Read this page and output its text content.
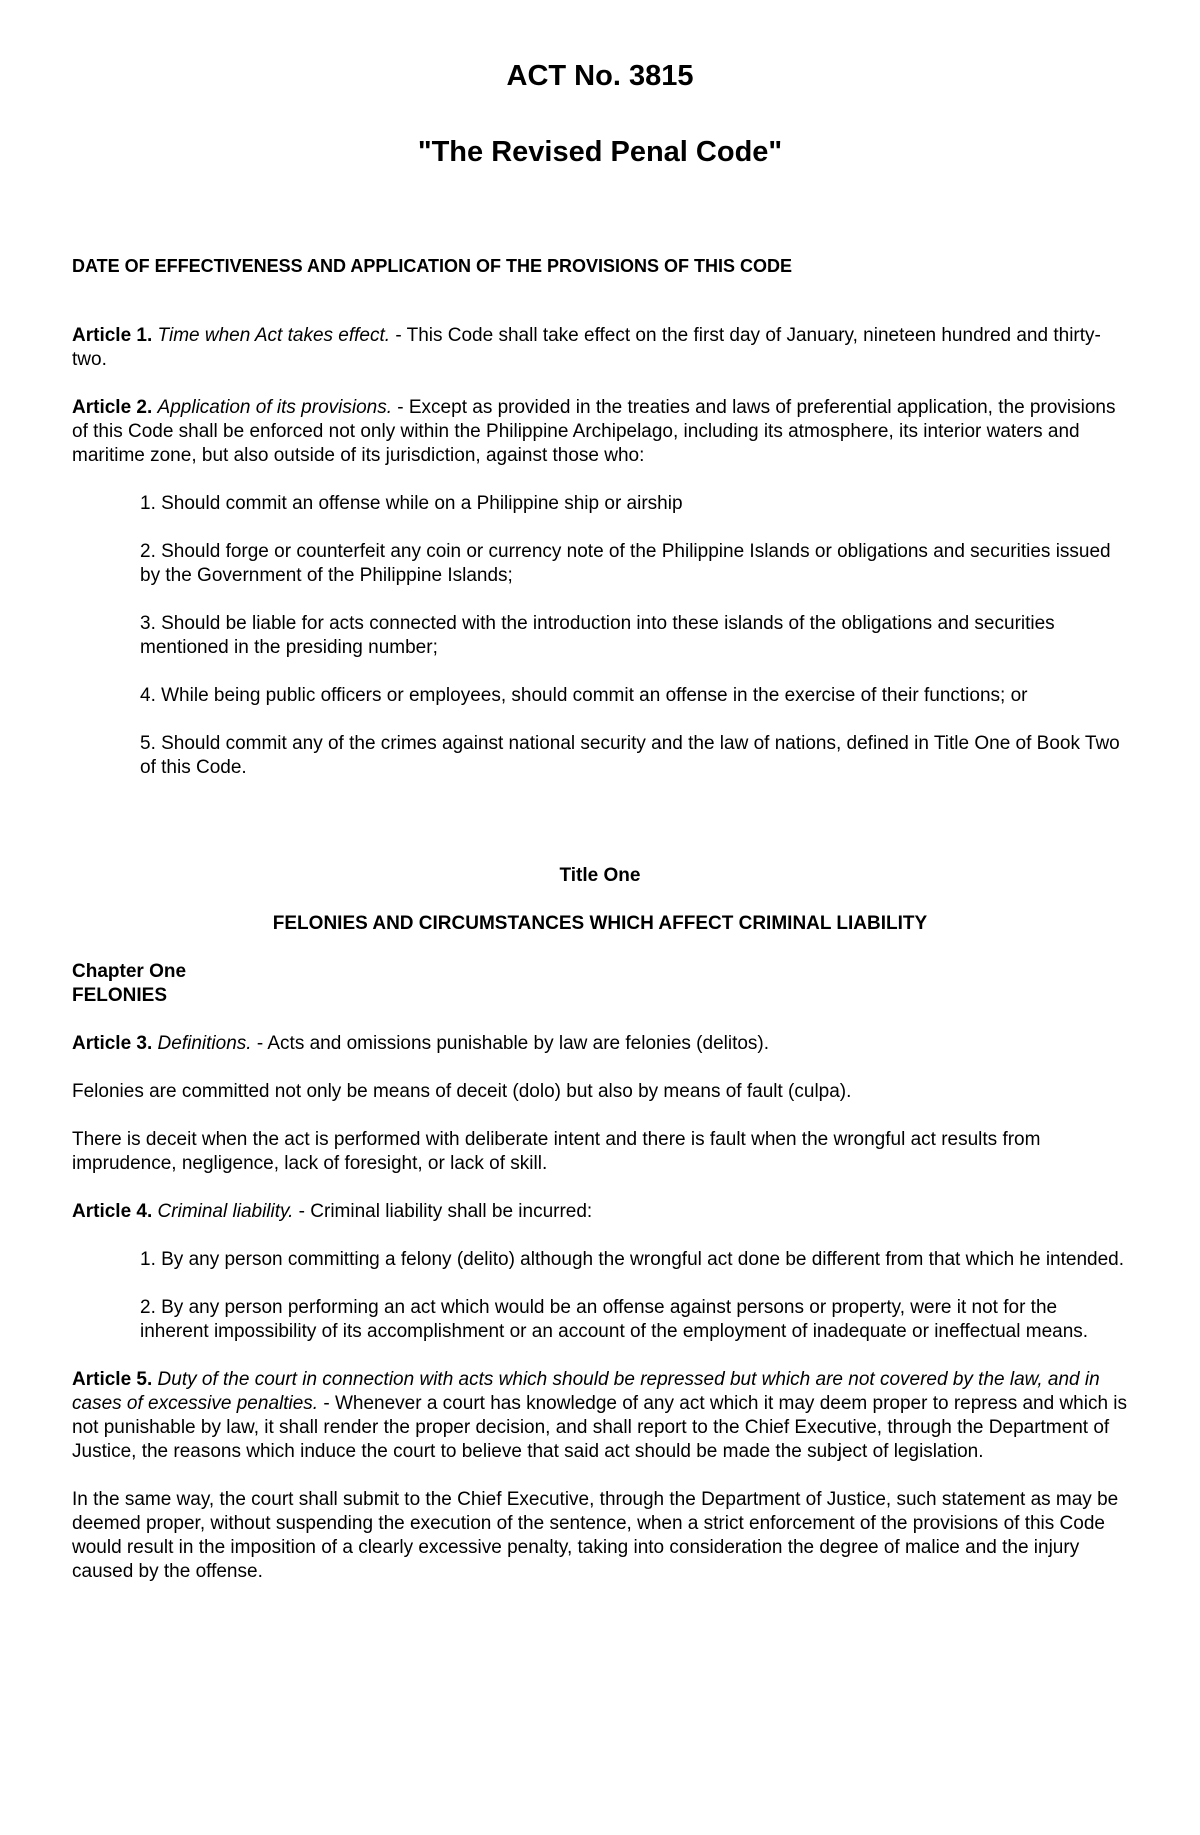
ACT No. 3815
"The Revised Penal Code"
DATE OF EFFECTIVENESS AND APPLICATION OF THE PROVISIONS OF THIS CODE

Article 1. Time when Act takes effect. - This Code shall take effect on the first day of January, nineteen hundred and thirty-two.

Article 2. Application of its provisions. - Except as provided in the treaties and laws of preferential application, the provisions of this Code shall be enforced not only within the Philippine Archipelago, including its atmosphere, its interior waters and maritime zone, but also outside of its jurisdiction, against those who:

1. Should commit an offense while on a Philippine ship or airship
2. Should forge or counterfeit any coin or currency note of the Philippine Islands or obligations and securities issued by the Government of the Philippine Islands;
3. Should be liable for acts connected with the introduction into these islands of the obligations and securities mentioned in the presiding number;
4. While being public officers or employees, should commit an offense in the exercise of their functions; or
5. Should commit any of the crimes against national security and the law of nations, defined in Title One of Book Two of this Code.
Title One
FELONIES AND CIRCUMSTANCES WHICH AFFECT CRIMINAL LIABILITY
Chapter One
FELONIES

Article 3. Definitions. - Acts and omissions punishable by law are felonies (delitos).

Felonies are committed not only be means of deceit (dolo) but also by means of fault (culpa).

There is deceit when the act is performed with deliberate intent and there is fault when the wrongful act results from imprudence, negligence, lack of foresight, or lack of skill.

Article 4. Criminal liability. - Criminal liability shall be incurred:

1. By any person committing a felony (delito) although the wrongful act done be different from that which he intended.
2. By any person performing an act which would be an offense against persons or property, were it not for the inherent impossibility of its accomplishment or an account of the employment of inadequate or ineffectual means.

Article 5. Duty of the court in connection with acts which should be repressed but which are not covered by the law, and in cases of excessive penalties. - Whenever a court has knowledge of any act which it may deem proper to repress and which is not punishable by law, it shall render the proper decision, and shall report to the Chief Executive, through the Department of Justice, the reasons which induce the court to believe that said act should be made the subject of legislation.

In the same way, the court shall submit to the Chief Executive, through the Department of Justice, such statement as may be deemed proper, without suspending the execution of the sentence, when a strict enforcement of the provisions of this Code would result in the imposition of a clearly excessive penalty, taking into consideration the degree of malice and the injury caused by the offense.
